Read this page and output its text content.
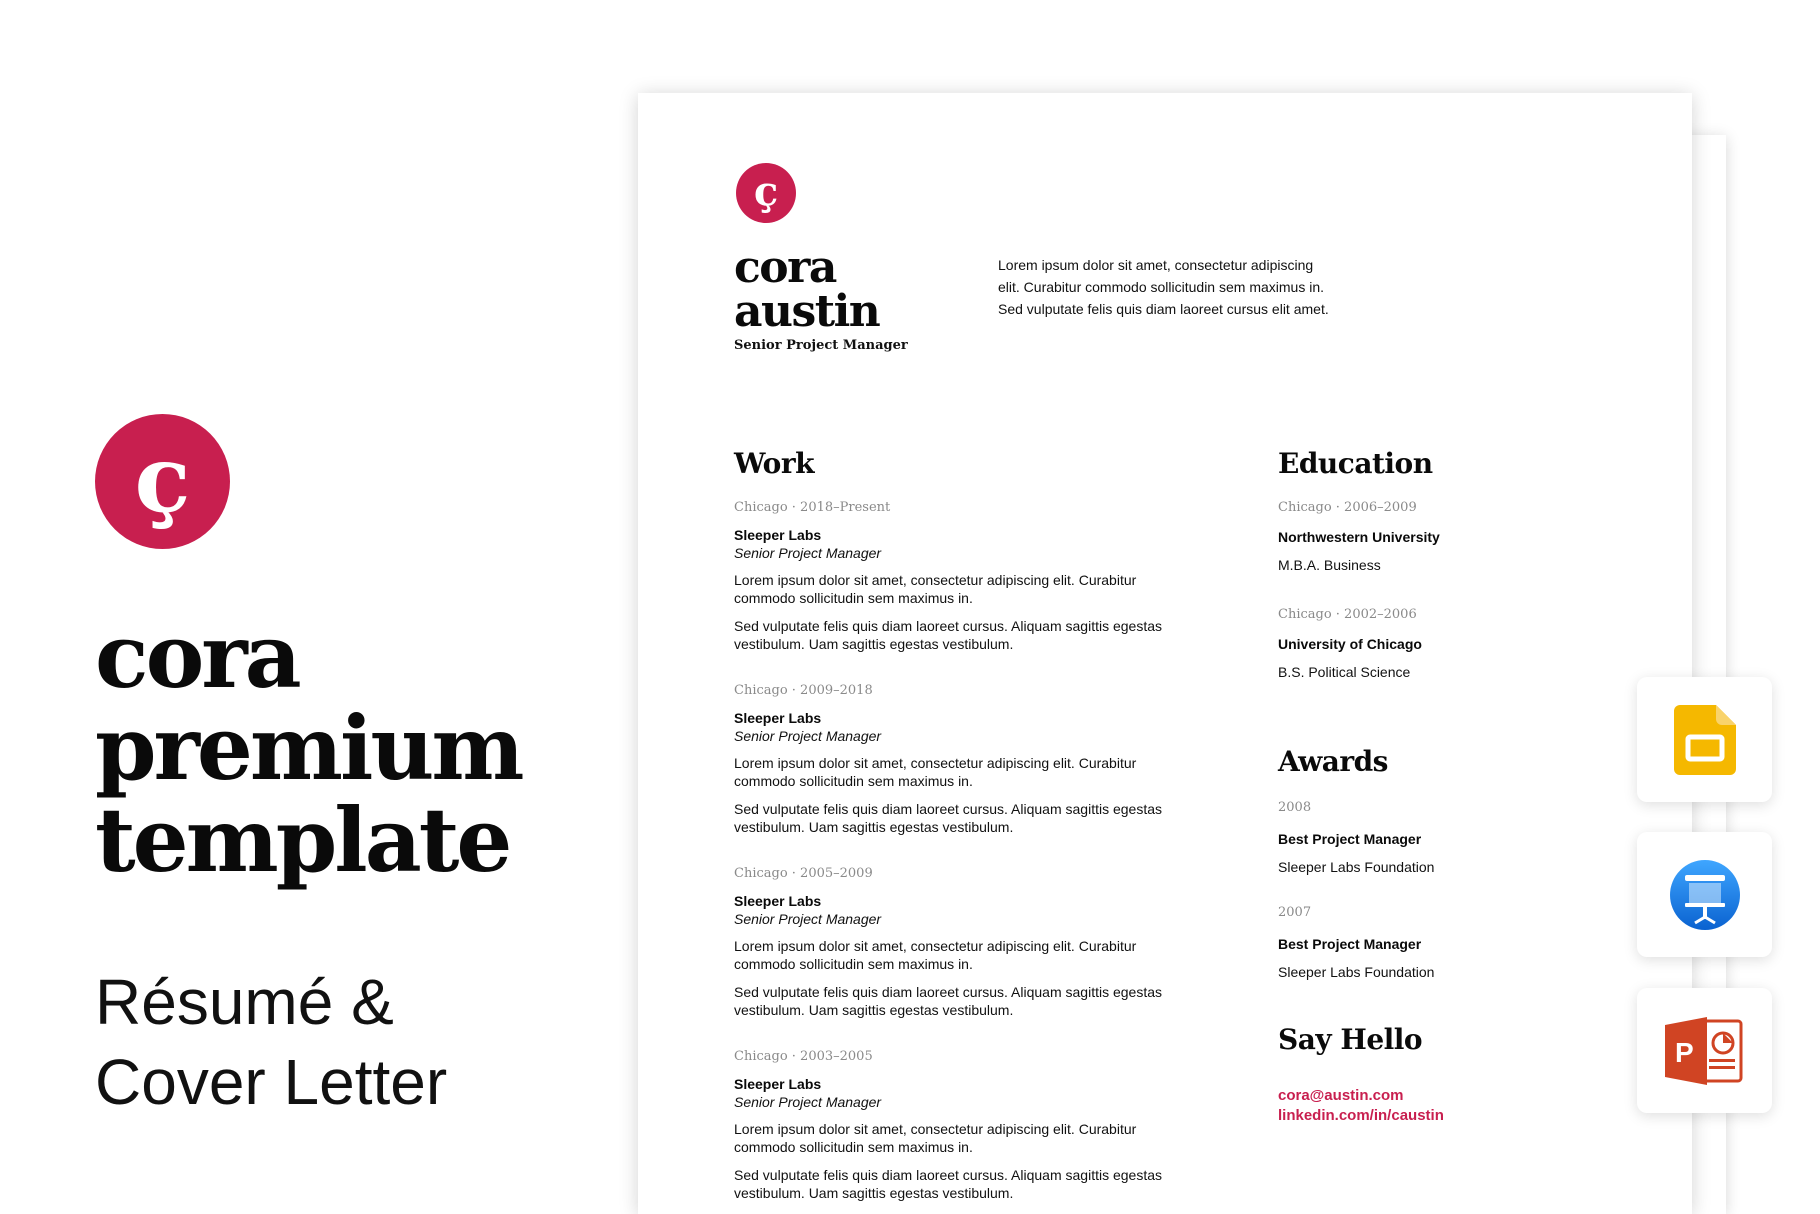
ç
cora
premium
template
Résumé &
Cover Letter
ç
cora
austin
Senior Project Manager

Lorem ipsum dolor sit amet, consectetur adipiscing elit. Curabitur commodo sollicitudin sem maximus in. Sed vulputate felis quis diam laoreet cursus elit amet.

Work
Chicago · 2018–Present
Sleeper Labs
Senior Project Manager
Lorem ipsum dolor sit amet, consectetur adipiscing elit. Curabitur commodo sollicitudin sem maximus in.
Sed vulputate felis quis diam laoreet cursus. Aliquam sagittis egestas vestibulum. Uam sagittis egestas vestibulum.
Chicago · 2009–2018
Sleeper Labs
Senior Project Manager
Lorem ipsum dolor sit amet, consectetur adipiscing elit. Curabitur commodo sollicitudin sem maximus in.
Sed vulputate felis quis diam laoreet cursus. Aliquam sagittis egestas vestibulum. Uam sagittis egestas vestibulum.
Chicago · 2005–2009
Sleeper Labs
Senior Project Manager
Lorem ipsum dolor sit amet, consectetur adipiscing elit. Curabitur commodo sollicitudin sem maximus in.
Sed vulputate felis quis diam laoreet cursus. Aliquam sagittis egestas vestibulum. Uam sagittis egestas vestibulum.
Chicago · 2003–2005
Sleeper Labs
Senior Project Manager
Lorem ipsum dolor sit amet, consectetur adipiscing elit. Curabitur commodo sollicitudin sem maximus in.
Sed vulputate felis quis diam laoreet cursus. Aliquam sagittis egestas vestibulum. Uam sagittis egestas vestibulum.
Education
Chicago · 2006–2009
Northwestern University
M.B.A. Business
Chicago · 2002–2006
University of Chicago
B.S. Political Science
Awards
2008
Best Project Manager
Sleeper Labs Foundation
2007
Best Project Manager
Sleeper Labs Foundation
Say Hello
cora@austin.com
linkedin.com/in/caustin
P
